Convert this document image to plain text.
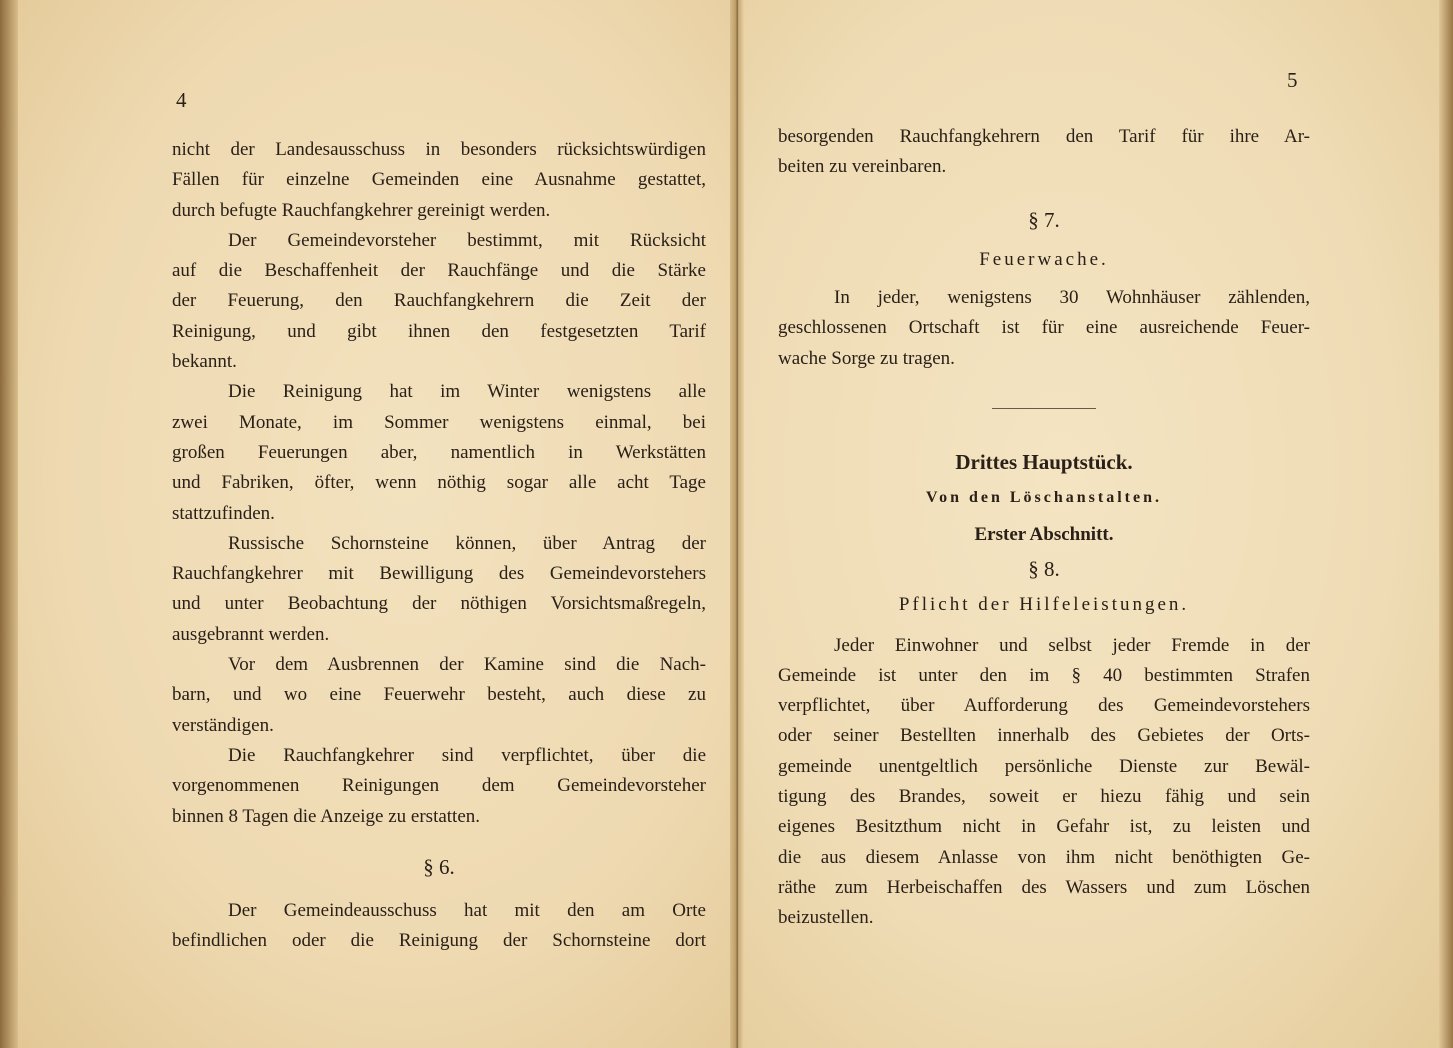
4
nicht der Landesausschuss in besonders rücksichtswürdigen
Fällen für einzelne Gemeinden eine Ausnahme gestattet,
durch befugte Rauchfangkehrer gereinigt werden.
Der Gemeindevorsteher bestimmt, mit Rücksicht
auf die Beschaffenheit der Rauchfänge und die Stärke
der Feuerung, den Rauchfangkehrern die Zeit der
Reinigung, und gibt ihnen den festgesetzten Tarif
bekannt.
Die Reinigung hat im Winter wenigstens alle
zwei Monate, im Sommer wenigstens einmal, bei
großen Feuerungen aber, namentlich in Werkstätten
und Fabriken, öfter, wenn nöthig sogar alle acht Tage
stattzufinden.
Russische Schornsteine können, über Antrag der
Rauchfangkehrer mit Bewilligung des Gemeindevorstehers
und unter Beobachtung der nöthigen Vorsichtsmaßregeln,
ausgebrannt werden.
Vor dem Ausbrennen der Kamine sind die Nach-
barn, und wo eine Feuerwehr besteht, auch diese zu
verständigen.
Die Rauchfangkehrer sind verpflichtet, über die
vorgenommenen Reinigungen dem Gemeindevorsteher
binnen 8 Tagen die Anzeige zu erstatten.
§ 6.
Der Gemeindeausschuss hat mit den am Orte
befindlichen oder die Reinigung der Schornsteine dort
5
besorgenden Rauchfangkehrern den Tarif für ihre Ar-
beiten zu vereinbaren.
§ 7.
Feuerwache.
In jeder, wenigstens 30 Wohnhäuser zählenden,
geschlossenen Ortschaft ist für eine ausreichende Feuer-
wache Sorge zu tragen.
Drittes Hauptstück.
Von den Löschanstalten.
Erster Abschnitt.
§ 8.
Pflicht der Hilfeleistungen.
Jeder Einwohner und selbst jeder Fremde in der
Gemeinde ist unter den im § 40 bestimmten Strafen
verpflichtet, über Aufforderung des Gemeindevorstehers
oder seiner Bestellten innerhalb des Gebietes der Orts-
gemeinde unentgeltlich persönliche Dienste zur Bewäl-
tigung des Brandes, soweit er hiezu fähig und sein
eigenes Besitzthum nicht in Gefahr ist, zu leisten und
die aus diesem Anlasse von ihm nicht benöthigten Ge-
räthe zum Herbeischaffen des Wassers und zum Löschen
beizustellen.
